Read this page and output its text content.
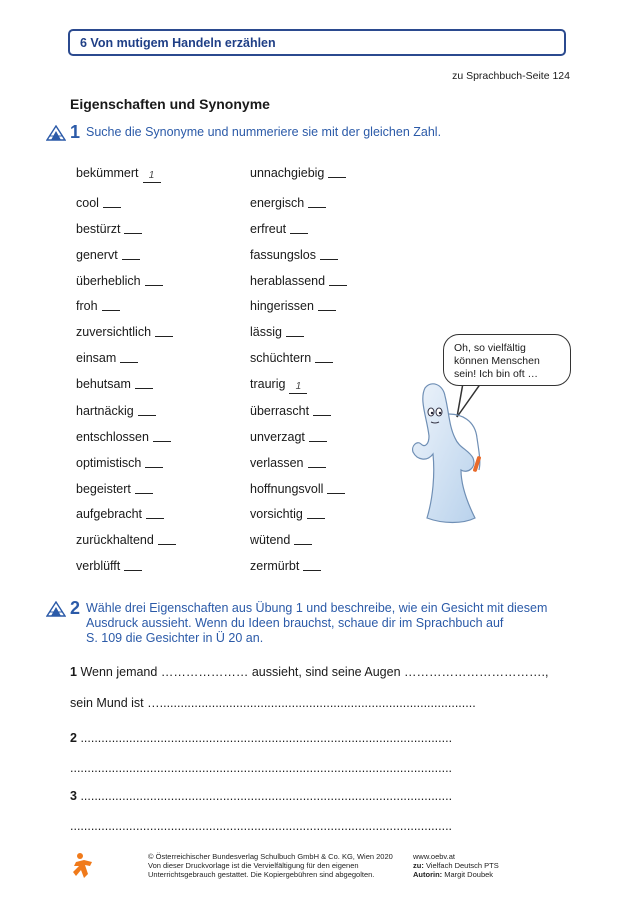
6 Von mutigem Handeln erzählen
zu Sprachbuch-Seite 124
Eigenschaften und Synonyme
1 Suche die Synonyme und nummeriere sie mit der gleichen Zahl.
bekümmert 1
cool
bestürzt
genervt
überheblich
froh
zuversichtlich
einsam
behutsam
hartnäckig
entschlossen
optimistisch
begeistert
aufgebracht
zurückhaltend
verblüfft
unnachgiebig
energisch
erfreut
fassungslos
herablassend
hingerissen
lässig
schüchtern
traurig 1
überrascht
unverzagt
verlassen
hoffnungsvoll
vorsichtig
wütend
zermürbt
Oh, so vielfältig
können Menschen
sein! Ich bin oft …
2 Wähle drei Eigenschaften aus Übung 1 und beschreibe, wie ein Gesicht mit diesem
Ausdruck aussieht. Wenn du Ideen brauchst, schaue dir im Sprachbuch auf
S. 109 die Gesichter in Ü 20 an.
1 Wenn jemand ………………… aussieht, sind seine Augen …………………………….,
sein Mund ist …...........................................................................................
2 ...........................................................................................................
..............................................................................................................
3 ...........................................................................................................
..............................................................................................................
© Österreichischer Bundesverlag Schulbuch GmbH & Co. KG, Wien 2020
Von dieser Druckvorlage ist die Vervielfältigung für den eigenen
Unterrichtsgebrauch gestattet. Die Kopiergebühren sind abgegolten.
www.oebv.at
zu: Vielfach Deutsch PTS
Autorin: Margit Doubek
